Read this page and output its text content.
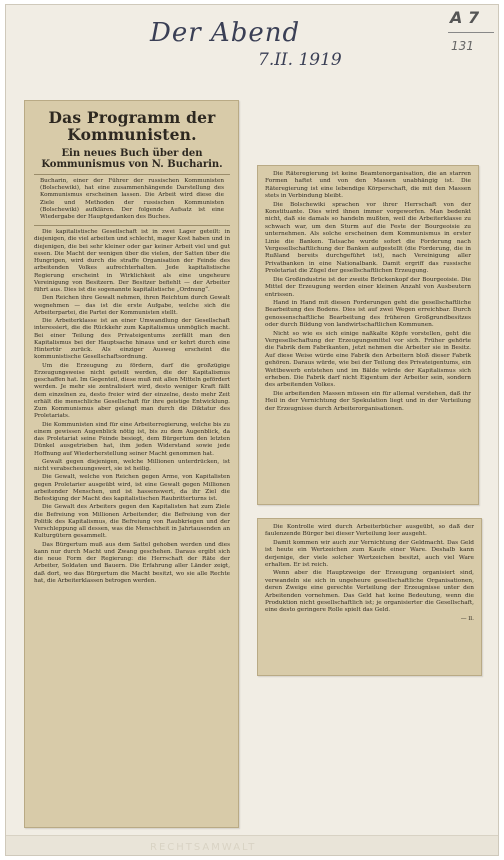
RECHTSAMWALT
Der Abend
7.II. 1919
A 7
131
Das Programm der Kommunisten.
Ein neues Buch über den Kommunismus von N. Bucharin.
Bucharin, einer der Führer der russischen Kommunisten (Bolschewiki), hat eine zusammenhängende Darstellung des Kommunismus erscheinen lassen. Die Arbeit wird diese die Ziele und Methoden der russischen Kommunisten (Bolschewiki) aufklären. Der folgende Aufsatz ist eine Wiedergabe der Hauptgedanken des Buches.

Die kapitalistische Gesellschaft ist in zwei Lager geteilt: in diejenigen, die viel arbeiten und schlecht, mager Kost haben und in diejenigen, die bei sehr kleiner oder gar keiner Arbeit viel und gut essen. Die Macht der wenigen über die vielen, der Satten über die Hungrigen, wird durch die straffe Organisation der Feinde des arbeitenden Volkes aufrechterhalten. Jede kapitalistische Regierung erscheint in Wirklichkeit als eine ungeheure Vereinigung von Besitzern. Der Besitzer befiehlt — der Arbeiter führt aus. Dies ist die sogenannte kapitalistische „Ordnung“.

Den Reichen ihre Gewalt nehmen, ihren Reichtum durch Gewalt wegnehmen — das ist die erste Aufgabe, welche sich die Arbeiterpartei, die Partei der Kommunisten stellt.

Die Arbeiterklasse ist an einer Umwandlung der Gesellschaft interessiert, die die Rückkehr zum Kapitalismus unmöglich macht. Bei einer Teilung des Privateigentums zerfällt man den Kapitalismus bei der Hauptsache hinaus und er kehrt durch eine Hintertür zurück. Als einziger Ausweg erscheint die kommunistische Gesellschaftsordnung.

Um die Erzeugung zu fördern, darf die großzügige Erzeugungsweise nicht geteilt werden, die der Kapitalismus geschaffen hat. Im Gegenteil, diese muß mit allen Mitteln gefördert werden. Je mehr sie zentralisiert wird, desto weniger Kraft fällt dem einzelnen zu, desto freier wird der einzelne, desto mehr Zeit erhält die menschliche Gesellschaft für ihre geistige Entwicklung. Zum Kommunismus aber gelangt man durch die Diktatur des Proletariats.

Die Kommunisten sind für eine Arbeiterregierung, welche bis zu einem gewissen Augenblick nötig ist, bis zu dem Augenblick, da das Proletariat seine Feinde besiegt, dem Bürgertum den letzten Dünkel ausgetrieben hat, ihm jeden Widerstand sowie jede Hoffnung auf Wiederherstellung seiner Macht genommen hat.

Gewalt gegen diejenigen, welche Millionen unterdrücken, ist nicht verabscheuungswert, sie ist heilig.

Die Gewalt, welche von Reichen gegen Arme, von Kapitalisten gegen Proletarier ausgeübt wird, ist eine Gewalt gegen Millionen arbeitender Menschen, und ist hassenswert, da ihr Ziel die Befestigung der Macht des kapitalistischen Raubritterturns ist.

Die Gewalt des Arbeiters gegen den Kapitalisten hat zum Ziele die Befreiung von Millionen Arbeitender, die Befreiung von der Politik des Kapitalismus, die Befreiung von Raubkriegen und der Verschleppung all dessen, was die Menschheit in Jahrtausenden an Kulturgütern gesammelt.

Das Bürgertum muß aus dem Sattel gehoben werden und dies kann nur durch Macht und Zwang geschehen. Daraus ergibt sich die neue Form der Regierung: die Herrschaft der Räte der Arbeiter, Soldaten und Bauern. Die Erfahrung aller Länder zeigt, daß dort, wo das Bürgertum die Macht besitzt, wo sie alle Rechte hat, die Arbeiterklassen betrogen werden.

Die Räteregierung ist keine Beamtenorganisation, die an starren Formen haftet und von den Massen unabhängig ist. Die Räteregierung ist eine lebendige Körperschaft, die mit den Massen stets in Verbindung bleibt.

Die Bolschewiki sprachen vor ihrer Herrschaft von der Konstituante. Dies wird ihnen immer vorgeworfen. Man bedenkt nicht, daß sie damals so handeln mußten, weil die Arbeiterklasse zu schwach war, um den Sturm auf die Feste der Bourgeoisie zu unternehmen. Als solche erscheinen dem Kommunismus in erster Linie die Banken. Tatsache wurde sofort die Forderung nach Vergesellschaftlichung der Banken aufgestellt (die Forderung, die in Rußland bereits durchgeführt ist), nach Vereinigung aller Privatbanken in eine Nationalbank. Damit ergriff das russische Proletariat die Zügel der gesellschaftlichen Erzeugung.

Die Großindustrie ist der zweite Brückenkopf der Bourgeoisie. Die Mittel der Erzeugung werden einer kleinen Anzahl von Ausbeutern entrissen.

Hand in Hand mit diesen Forderungen geht die gesellschaftliche Bearbeitung des Bodens. Dies ist auf zwei Wegen erreichbar. Durch genossenschaftliche Bearbeitung des früheren Großgrundbesitzes oder durch Bildung von landwirtschaftlichen Kommunen.

Nicht so wie es sich einige naßkalte Köpfe vorstellen, geht die Vergesellschaftung der Erzeugungsmittel vor sich. Früher gehörte die Fabrik dem Fabrikanten, jetzt nehmen die Arbeiter sie in Besitz. Auf diese Weise würde eine Fabrik den Arbeitern bloß dieser Fabrik gehören. Daraus würde, wie bei der Teilung des Privateigentums, ein Wettbewerb entstehen und im Bälde würde der Kapitalismus sich erheben. Die Fabrik darf nicht Eigentum der Arbeiter sein, sondern des arbeitenden Volkes.

Die arbeitenden Massen müssen ein für allemal verstehen, daß ihr Heil in der Vernichtung der Spekulation liegt und in der Verteilung der Erzeugnisse durch Arbeiterorganisationen.

Die Kontrolle wird durch Arbeiterbücher ausgeübt, so daß der faulenzende Bürger bei dieser Verteilung leer ausgeht.

Damit kommen wir auch zur Vernichtung der Geldmacht. Das Geld ist heute ein Wertzeichen zum Kaufe einer Ware. Deshalb kann derjenige, der viele solcher Wertzeichen besitzt, auch viel Ware erhalten. Er ist reich.

Wenn aber die Hauptzweige der Erzeugung organisiert sind, verwandeln sie sich in ungeheure gesellschaftliche Organisationen, deren Zweige eine gerechte Verteilung der Erzeugnisse unter den Arbeitenden vornehmen. Das Geld hat keine Bedeutung, wenn die Produktion nicht gesellschaftlich ist; je organisierter die Gesellschaft, eine desto geringere Rolle spielt das Geld.

— ll.
